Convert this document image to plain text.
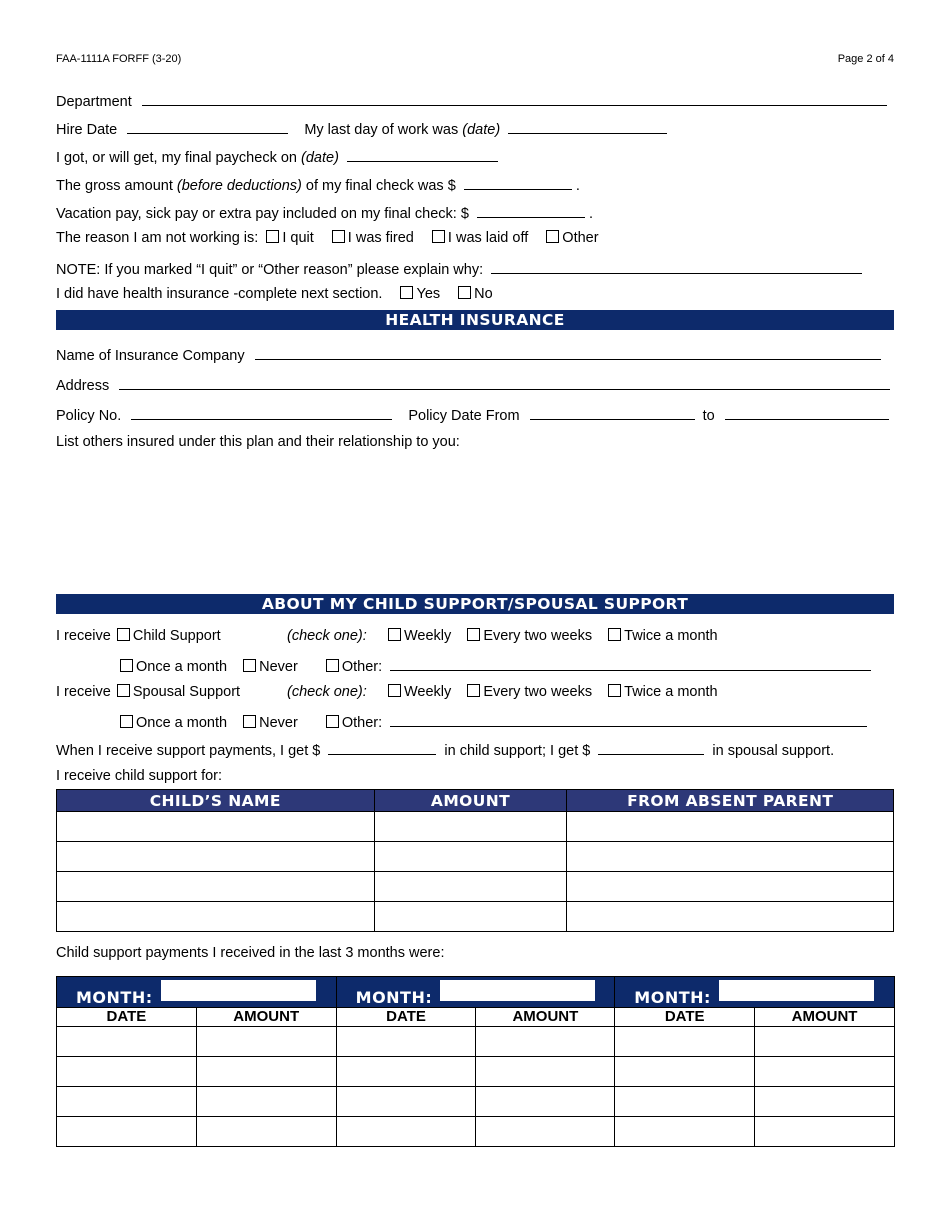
FAA-1111A FORFF (3-20)	Page 2 of 4
Department
Hire Date	My last day of work was (date)
I got, or will get, my final paycheck on (date)
The gross amount (before deductions) of my final check was $	.
Vacation pay, sick pay or extra pay included on my final check: $	.
The reason I am not working is: I quit I was fired I was laid off Other
NOTE: If you marked “I quit” or “Other reason” please explain why:
I did have health insurance -complete next section. Yes No
HEALTH INSURANCE
Name of Insurance Company
Address
Policy No.	Policy Date From	to
List others insured under this plan and their relationship to you:
ABOUT MY CHILD SUPPORT/SPOUSAL SUPPORT
I receive Child Support	(check one):	Weekly Every two weeks Twice a month
Once a month Never	Other:
I receive Spousal Support	(check one):	Weekly Every two weeks Twice a month
Once a month Never	Other:
When I receive support payments, I get $	in child support; I get $	in spousal support.
I receive child support for:
CHILD’S NAME	AMOUNT	FROM ABSENT PARENT

Child support payments I received in the last 3 months were:
MONTH:		MONTH:		MONTH:	
DATE	AMOUNT	DATE	AMOUNT	DATE	AMOUNT
